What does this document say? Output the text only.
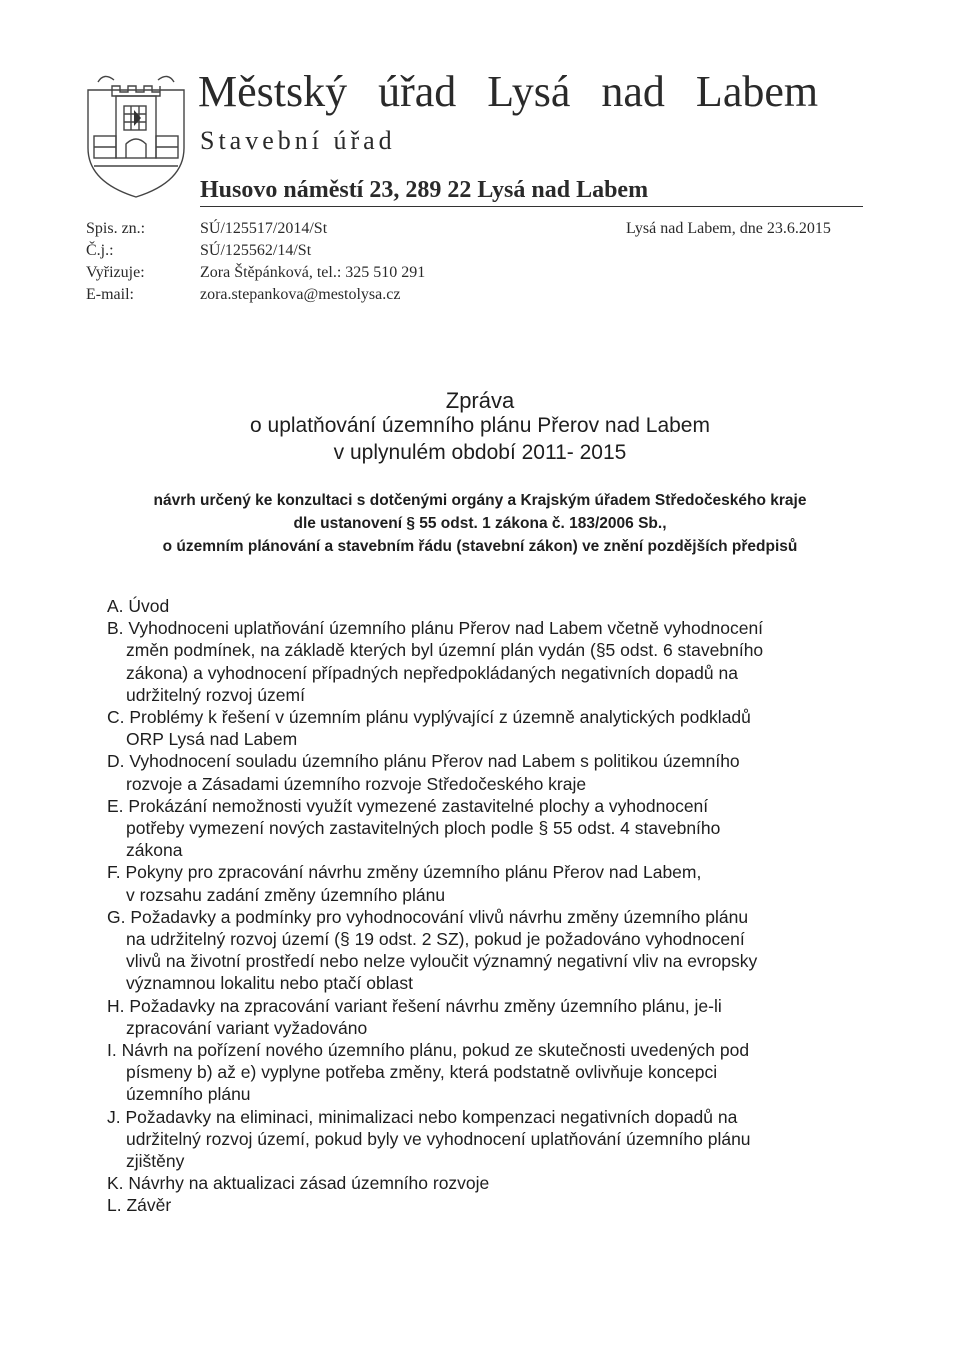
Městský úřad Lysá nad Labem
Stavební úřad
Husovo náměstí 23, 289 22 Lysá nad Labem
Spis. zn.:	SÚ/125517/2014/St
Č.j.:	SÚ/125562/14/St
Vyřizuje:	Zora Štěpánková, tel.: 325 510 291
E-mail:	zora.stepankova@mestolysa.cz
Lysá nad Labem, dne 23.6.2015
Zpráva
o uplatňování územního plánu Přerov nad Labem
v uplynulém období 2011- 2015
návrh určený ke konzultaci s dotčenými orgány a Krajským úřadem Středočeského kraje
dle ustanovení § 55 odst. 1 zákona č. 183/2006 Sb.,
o územním plánování a stavebním řádu (stavební zákon) ve znění pozdějších předpisů
A. Úvod
B. Vyhodnoceni uplatňování územního plánu Přerov nad Labem včetně vyhodnocení
změn podmínek, na základě kterých byl územní plán vydán (§5 odst. 6 stavebního
zákona) a vyhodnocení případných nepředpokládaných negativních dopadů na
udržitelný rozvoj území
C. Problémy k řešení v územním plánu vyplývající z územně analytických podkladů
ORP Lysá nad Labem
D. Vyhodnocení souladu územního plánu Přerov nad Labem s politikou územního
rozvoje a Zásadami územního rozvoje Středočeského kraje
E. Prokázání nemožnosti využít vymezené zastavitelné plochy a vyhodnocení
potřeby vymezení nových zastavitelných ploch podle § 55 odst. 4 stavebního
zákona
F. Pokyny pro zpracování návrhu změny územního plánu Přerov nad Labem,
v rozsahu zadání změny územního plánu
G. Požadavky a podmínky pro vyhodnocování vlivů návrhu změny územního plánu
na udržitelný rozvoj území (§ 19 odst. 2 SZ), pokud je požadováno vyhodnocení
vlivů na životní prostředí nebo nelze vyloučit významný negativní vliv na evropsky
významnou lokalitu nebo ptačí oblast
H. Požadavky na zpracování variant řešení návrhu změny územního plánu, je-li
zpracování variant vyžadováno
I. Návrh na pořízení nového územního plánu, pokud ze skutečnosti uvedených pod
písmeny b) až e) vyplyne potřeba změny, která podstatně ovlivňuje koncepci
územního plánu
J. Požadavky na eliminaci, minimalizaci nebo kompenzaci negativních dopadů na
udržitelný rozvoj území, pokud byly ve vyhodnocení uplatňování územního plánu
zjištěny
K. Návrhy na aktualizaci zásad územního rozvoje
L. Závěr
